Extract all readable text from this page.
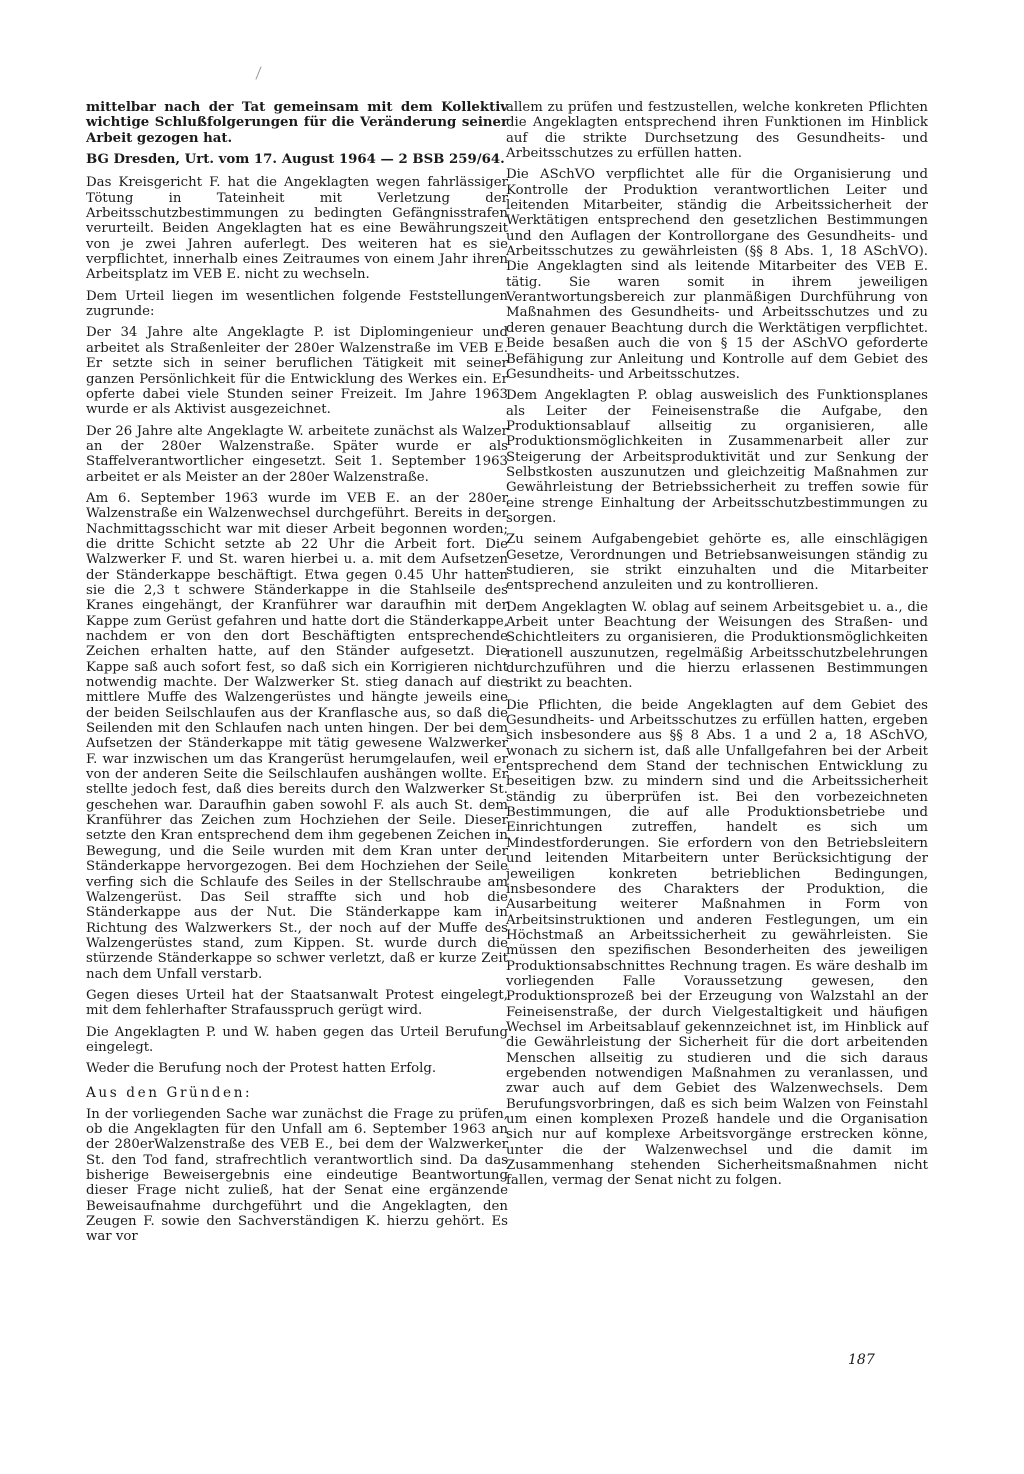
mittelbar nach der Tat gemeinsam mit dem Kollektiv wichtige Schlußfolgerungen für die Veränderung seiner Arbeit gezogen hat.

BG Dresden, Urt. vom 17. August 1964 — 2 BSB 259/64.

Das Kreisgericht F. hat die Angeklagten wegen fahrlässiger Tötung in Tateinheit mit Verletzung der Arbeitsschutzbestimmungen zu bedingten Gefängnisstrafen verurteilt. Beiden Angeklagten hat es eine Bewährungszeit von je zwei Jahren auferlegt. Des weiteren hat es sie verpflichtet, innerhalb eines Zeitraumes von einem Jahr ihren Arbeitsplatz im VEB E. nicht zu wechseln.

Dem Urteil liegen im wesentlichen folgende Feststellungen zugrunde:

Der 34 Jahre alte Angeklagte P. ist Diplomingenieur und arbeitet als Straßenleiter der 280er Walzenstraße im VEB E. Er setzte sich in seiner beruflichen Tätigkeit mit seiner ganzen Persönlichkeit für die Entwicklung des Werkes ein. Er opferte dabei viele Stunden seiner Freizeit. Im Jahre 1963 wurde er als Aktivist ausgezeichnet.

Der 26 Jahre alte Angeklagte W. arbeitete zunächst als Walzer an der 280er Walzenstraße. Später wurde er als Staffelverantwortlicher eingesetzt. Seit 1. September 1963 arbeitet er als Meister an der 280er Walzenstraße.

Am 6. September 1963 wurde im VEB E. an der 280er Walzenstraße ein Walzenwechsel durchgeführt. Bereits in der Nachmittagsschicht war mit dieser Arbeit begonnen worden; die dritte Schicht setzte ab 22 Uhr die Arbeit fort. Die Walzwerker F. und St. waren hierbei u. a. mit dem Aufsetzen der Ständerkappe beschäftigt. Etwa gegen 0.45 Uhr hatten sie die 2,3 t schwere Ständerkappe in die Stahlseile des Kranes eingehängt, der Kranführer war daraufhin mit der Kappe zum Gerüst gefahren und hatte dort die Ständerkappe, nachdem er von den dort Beschäftigten entsprechende Zeichen erhalten hatte, auf den Ständer aufgesetzt. Die Kappe saß auch sofort fest, so daß sich ein Korrigieren nicht notwendig machte. Der Walzwerker St. stieg danach auf die mittlere Muffe des Walzengerüstes und hängte jeweils eine der beiden Seilschlaufen aus der Kranflasche aus, so daß die Seilenden mit den Schlaufen nach unten hingen. Der bei dem Aufsetzen der Ständerkappe mit tätig gewesene Walzwerker F. war inzwischen um das Krangerüst herumgelaufen, weil er von der anderen Seite die Seilschlaufen aushängen wollte. Er stellte jedoch fest, daß dies bereits durch den Walzwerker St. geschehen war. Daraufhin gaben sowohl F. als auch St. dem Kranführer das Zeichen zum Hochziehen der Seile. Dieser setzte den Kran entsprechend dem ihm gegebenen Zeichen in Bewegung, und die Seile wurden mit dem Kran unter der Ständerkappe hervorgezogen. Bei dem Hochziehen der Seile verfing sich die Schlaufe des Seiles in der Stellschraube am Walzengerüst. Das Seil straffte sich und hob die Ständerkappe aus der Nut. Die Ständerkappe kam in Richtung des Walzwerkers St., der noch auf der Muffe des Walzengerüstes stand, zum Kippen. St. wurde durch die stürzende Ständerkappe so schwer verletzt, daß er kurze Zeit nach dem Unfall verstarb.

Gegen dieses Urteil hat der Staatsanwalt Protest eingelegt, mit dem fehlerhafter Strafausspruch gerügt wird.

Die Angeklagten P. und W. haben gegen das Urteil Berufung eingelegt.

Weder die Berufung noch der Protest hatten Erfolg.

Aus den Gründen:

In der vorliegenden Sache war zunächst die Frage zu prüfen, ob die Angeklagten für den Unfall am 6. September 1963 an der 280erWalzenstraße des VEB E., bei dem der Walzwerker St. den Tod fand, strafrechtlich verantwortlich sind. Da das bisherige Beweisergebnis eine eindeutige Beantwortung dieser Frage nicht zuließ, hat der Senat eine ergänzende Beweisaufnahme durchgeführt und die Angeklagten, den Zeugen F. sowie den Sachverständigen K. hierzu gehört. Es war vor

allem zu prüfen und festzustellen, welche konkreten Pflichten die Angeklagten entsprechend ihren Funktionen im Hinblick auf die strikte Durchsetzung des Gesundheits- und Arbeitsschutzes zu erfüllen hatten.

Die ASchVO verpflichtet alle für die Organisierung und Kontrolle der Produktion verantwortlichen Leiter und leitenden Mitarbeiter, ständig die Arbeitssicherheit der Werktätigen entsprechend den gesetzlichen Bestimmungen und den Auflagen der Kontrollorgane des Gesundheits- und Arbeitsschutzes zu gewährleisten (§§ 8 Abs. 1, 18 ASchVO). Die Angeklagten sind als leitende Mitarbeiter des VEB E. tätig. Sie waren somit in ihrem jeweiligen Verantwortungsbereich zur planmäßigen Durchführung von Maßnahmen des Gesundheits- und Arbeitsschutzes und zu deren genauer Beachtung durch die Werktätigen verpflichtet. Beide besaßen auch die von § 15 der ASchVO geforderte Befähigung zur Anleitung und Kontrolle auf dem Gebiet des Gesundheits- und Arbeitsschutzes.

Dem Angeklagten P. oblag ausweislich des Funktionsplanes als Leiter der Feineisenstraße die Aufgabe, den Produktionsablauf allseitig zu organisieren, alle Produktionsmöglichkeiten in Zusammenarbeit aller zur Steigerung der Arbeitsproduktivität und zur Senkung der Selbstkosten auszunutzen und gleichzeitig Maßnahmen zur Gewährleistung der Betriebssicherheit zu treffen sowie für eine strenge Einhaltung der Arbeitsschutzbestimmungen zu sorgen.

Zu seinem Aufgabengebiet gehörte es, alle einschlägigen Gesetze, Verordnungen und Betriebsanweisungen ständig zu studieren, sie strikt einzuhalten und die Mitarbeiter entsprechend anzuleiten und zu kontrollieren.

Dem Angeklagten W. oblag auf seinem Arbeitsgebiet u. a., die Arbeit unter Beachtung der Weisungen des Straßen- und Schichtleiters zu organisieren, die Produktionsmöglichkeiten rationell auszunutzen, regelmäßig Arbeitsschutzbelehrungen durchzuführen und die hierzu erlassenen Bestimmungen strikt zu beachten.

Die Pflichten, die beide Angeklagten auf dem Gebiet des Gesundheits- und Arbeitsschutzes zu erfüllen hatten, ergeben sich insbesondere aus §§ 8 Abs. 1 a und 2 a, 18 ASchVO, wonach zu sichern ist, daß alle Unfallgefahren bei der Arbeit entsprechend dem Stand der technischen Entwicklung zu beseitigen bzw. zu mindern sind und die Arbeitssicherheit ständig zu überprüfen ist. Bei den vorbezeichneten Bestimmungen, die auf alle Produktionsbetriebe und Einrichtungen zutreffen, handelt es sich um Mindestforderungen. Sie erfordern von den Betriebsleitern und leitenden Mitarbeitern unter Berücksichtigung der jeweiligen konkreten betrieblichen Bedingungen, insbesondere des Charakters der Produktion, die Ausarbeitung weiterer Maßnahmen in Form von Arbeitsinstruktionen und anderen Festlegungen, um ein Höchstmaß an Arbeitssicherheit zu gewährleisten. Sie müssen den spezifischen Besonderheiten des jeweiligen Produktionsabschnittes Rechnung tragen. Es wäre deshalb im vorliegenden Falle Voraussetzung gewesen, den Produktionsprozeß bei der Erzeugung von Walzstahl an der Feineisenstraße, der durch Vielgestaltigkeit und häufigen Wechsel im Arbeitsablauf gekennzeichnet ist, im Hinblick auf die Gewährleistung der Sicherheit für die dort arbeitenden Menschen allseitig zu studieren und die sich daraus ergebenden notwendigen Maßnahmen zu veranlassen, und zwar auch auf dem Gebiet des Walzenwechsels. Dem Berufungsvorbringen, daß es sich beim Walzen von Feinstahl um einen komplexen Prozeß handele und die Organisation sich nur auf komplexe Arbeitsvorgänge erstrecken könne, unter die der Walzenwechsel und die damit im Zusammenhang stehenden Sicherheitsmaßnahmen nicht fallen, vermag der Senat nicht zu folgen.

187
